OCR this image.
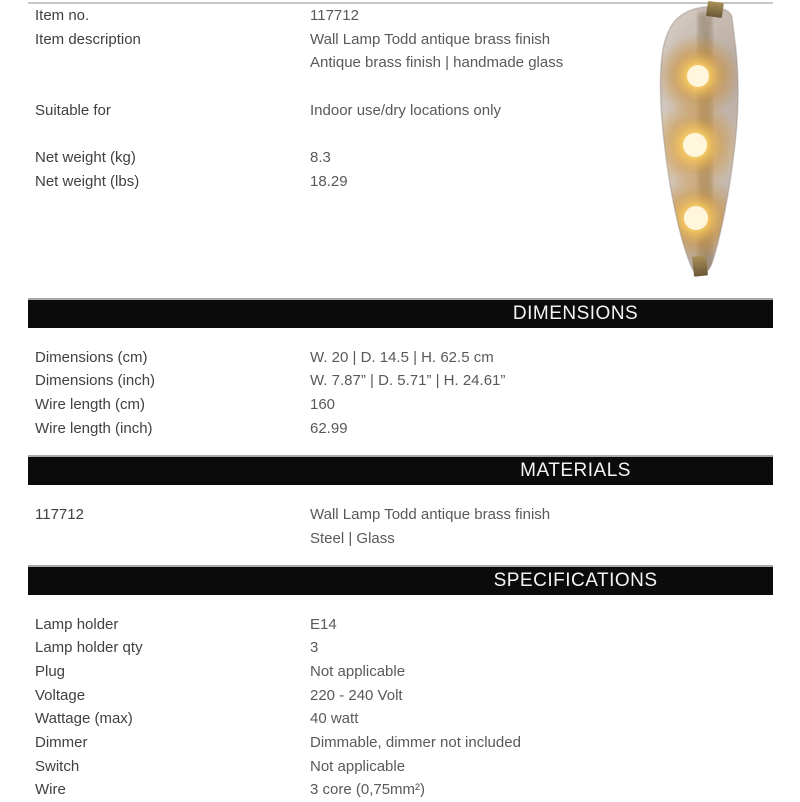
Item no.	117712
Item description	Wall Lamp Todd antique brass finish
Antique brass finish | handmade glass
Suitable for	Indoor use/dry locations only
Net weight (kg)	8.3
Net weight (lbs)	18.29
DIMENSIONS
Dimensions (cm)	W. 20 | D. 14.5 | H. 62.5 cm
Dimensions (inch)	W. 7.87” | D. 5.71” | H. 24.61”
Wire length (cm)	160
Wire length (inch)	62.99
MATERIALS
117712	Wall Lamp Todd antique brass finish
Steel | Glass
SPECIFICATIONS
Lamp holder	E14
Lamp holder qty	3
Plug	Not applicable
Voltage	220 - 240 Volt
Wattage (max)	40 watt
Dimmer	Dimmable, dimmer not included
Switch	Not applicable
Wire	3 core (0,75mm²)
